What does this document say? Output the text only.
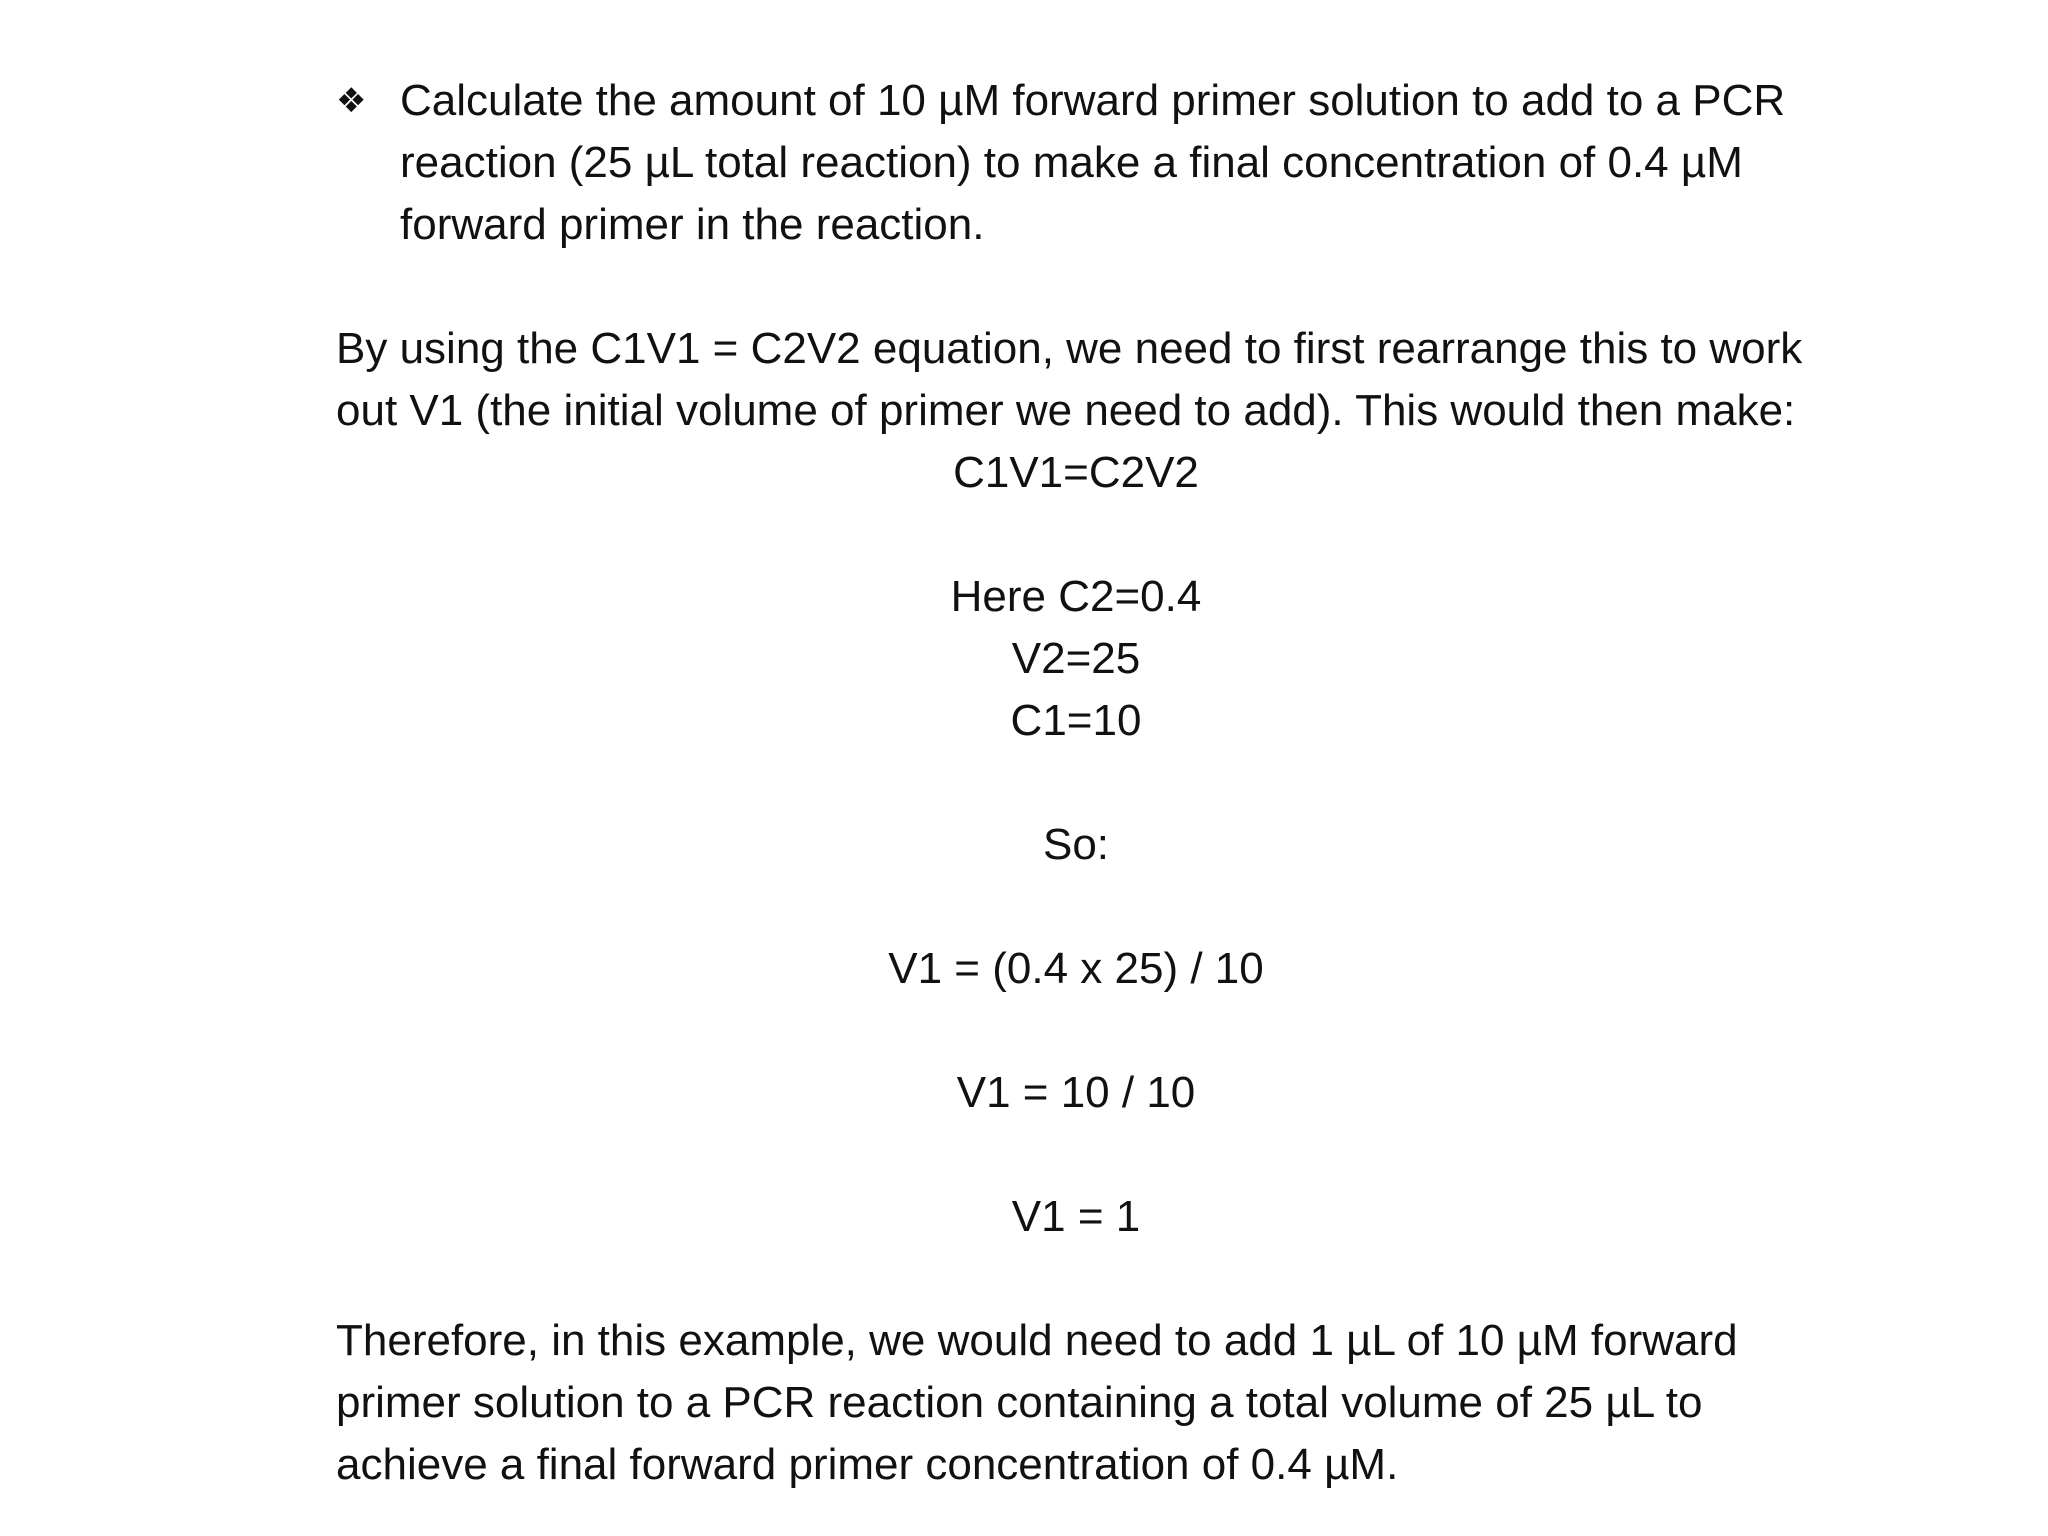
❖ Calculate the amount of 10 µM forward primer solution to add to a PCR reaction (25 µL total reaction) to make a final concentration of 0.4 µM forward primer in the reaction.
By using the C1V1 = C2V2 equation, we need to first rearrange this to work out V1 (the initial volume of primer we need to add). This would then make:
C1V1=C2V2
Here C2=0.4
V2=25
C1=10
So:
V1 = (0.4 x 25) / 10
V1 = 10 / 10
V1 = 1
Therefore, in this example, we would need to add 1 µL of 10 µM forward primer solution to a PCR reaction containing a total volume of 25 µL to achieve a final forward primer concentration of 0.4 µM.
